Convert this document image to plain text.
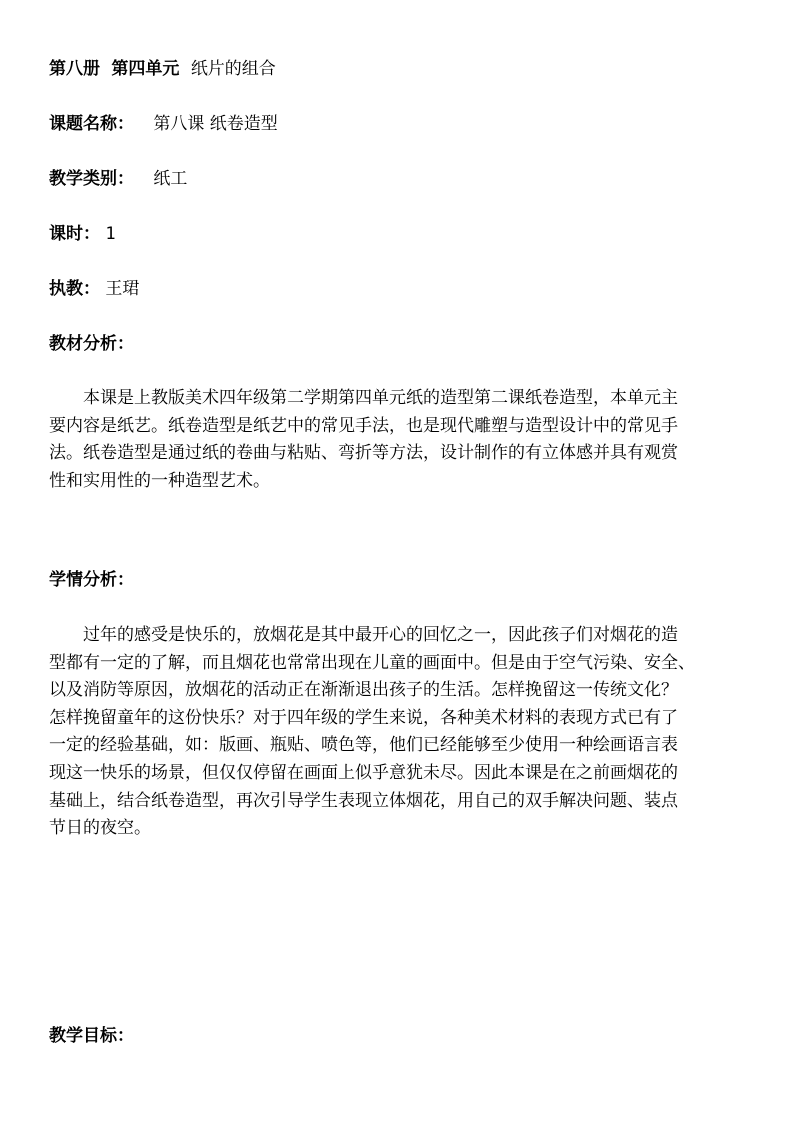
第八册 第四单元 纸片的组合
课题名称： 第八课 纸卷造型
教学类别： 纸工
课时： 1
执教： 王珺
教材分析：
本课是上教版美术四年级第二学期第四单元纸的造型第二课纸卷造型，本单元主
要内容是纸艺。纸卷造型是纸艺中的常见手法，也是现代雕塑与造型设计中的常见手
法。纸卷造型是通过纸的卷曲与粘贴、弯折等方法，设计制作的有立体感并具有观赏
性和实用性的一种造型艺术。
学情分析：
过年的感受是快乐的，放烟花是其中最开心的回忆之一，因此孩子们对烟花的造
型都有一定的了解，而且烟花也常常出现在儿童的画面中。但是由于空气污染、安全、
以及消防等原因，放烟花的活动正在渐渐退出孩子的生活。怎样挽留这一传统文化？
怎样挽留童年的这份快乐？对于四年级的学生来说，各种美术材料的表现方式已有了
一定的经验基础，如：版画、瓶贴、喷色等，他们已经能够至少使用一种绘画语言表
现这一快乐的场景，但仅仅停留在画面上似乎意犹未尽。因此本课是在之前画烟花的
基础上，结合纸卷造型，再次引导学生表现立体烟花，用自己的双手解决问题、装点
节日的夜空。
教学目标：
